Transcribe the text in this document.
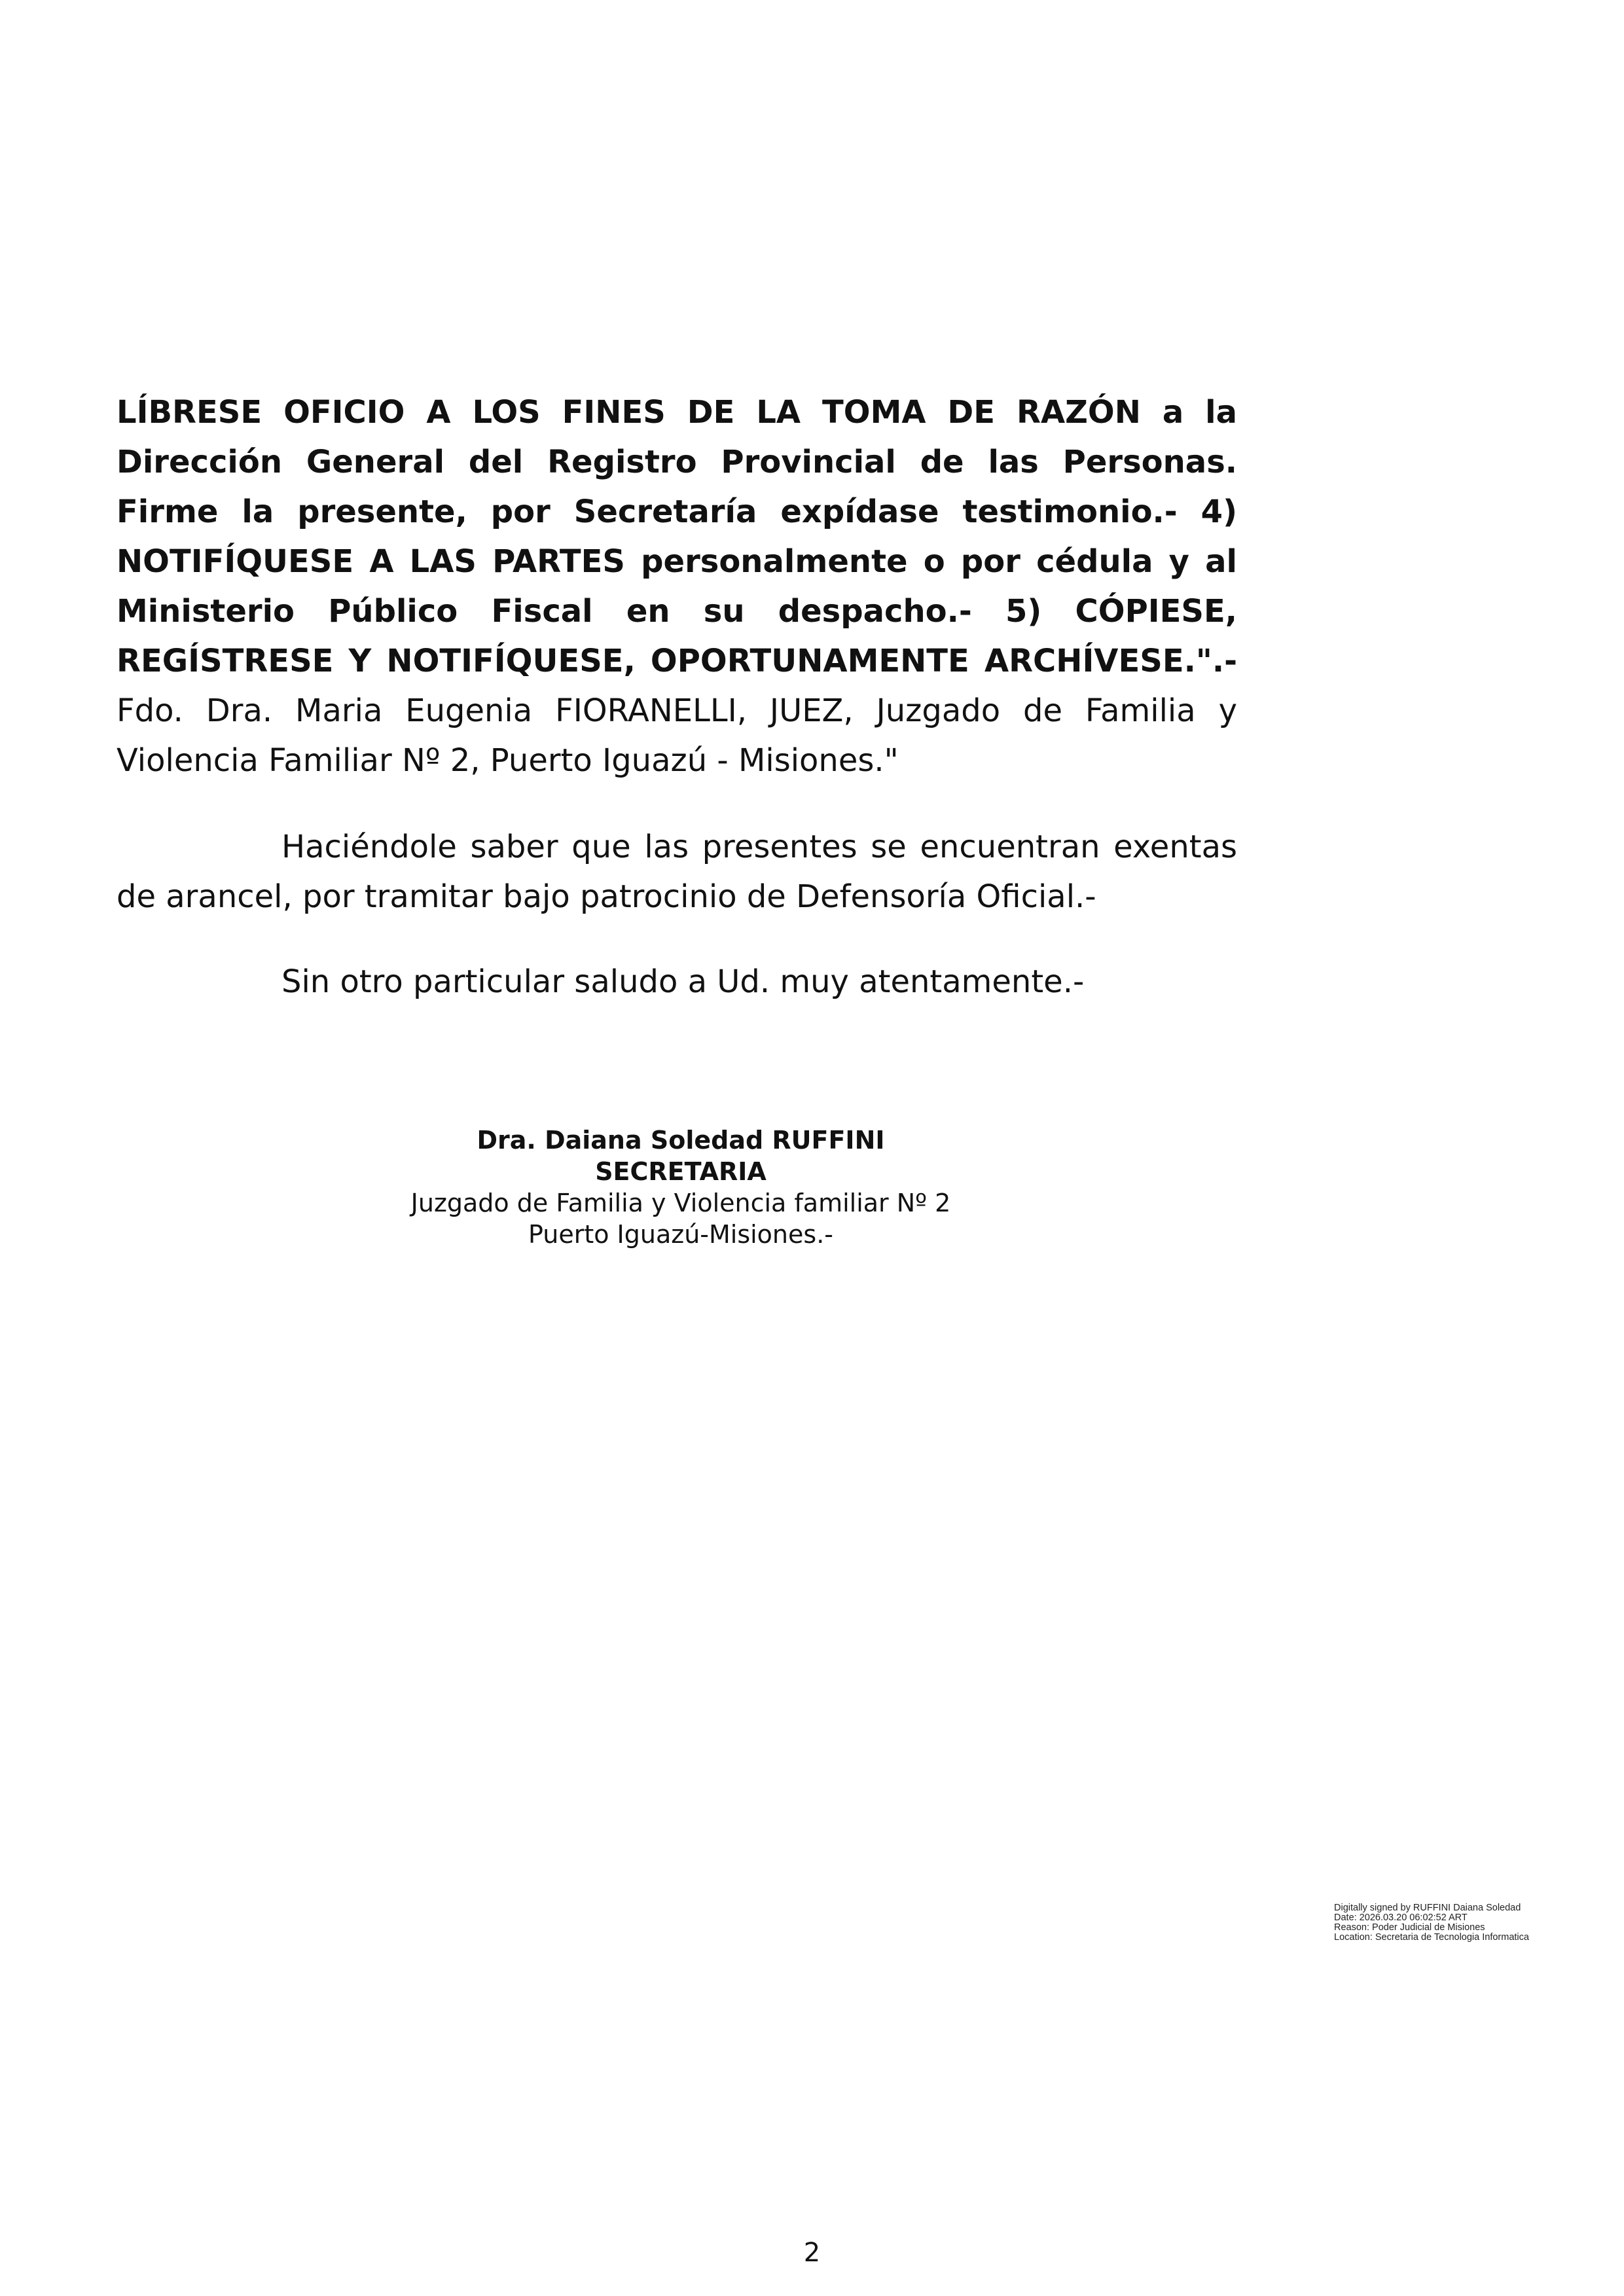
LÍBRESE OFICIO A LOS FINES DE LA TOMA DE RAZÓN a la Dirección General del Registro Provincial de las Personas. Firme la presente, por Secretaría expídase testimonio.- 4) NOTIFÍQUESE A LAS PARTES personalmente o por cédula y al Ministerio Público Fiscal en su despacho.- 5) CÓPIESE, REGÍSTRESE Y NOTIFÍQUESE, OPORTUNAMENTE ARCHÍVESE.".- Fdo. Dra. Maria Eugenia FIORANELLI, JUEZ, Juzgado de Familia y Violencia Familiar Nº 2, Puerto Iguazú - Misiones."

Haciéndole saber que las presentes se encuentran exentas de arancel, por tramitar bajo patrocinio de Defensoría Oficial.-

Sin otro particular saludo a Ud. muy atentamente.-

Dra. Daiana Soledad RUFFINI
SECRETARIA
Juzgado de Familia y Violencia familiar Nº 2
Puerto Iguazú-Misiones.-
Digitally signed by RUFFINI Daiana Soledad
Date: 2026.03.20 06:02:52 ART
Reason: Poder Judicial de Misiones
Location: Secretaria de Tecnologia Informatica
2
